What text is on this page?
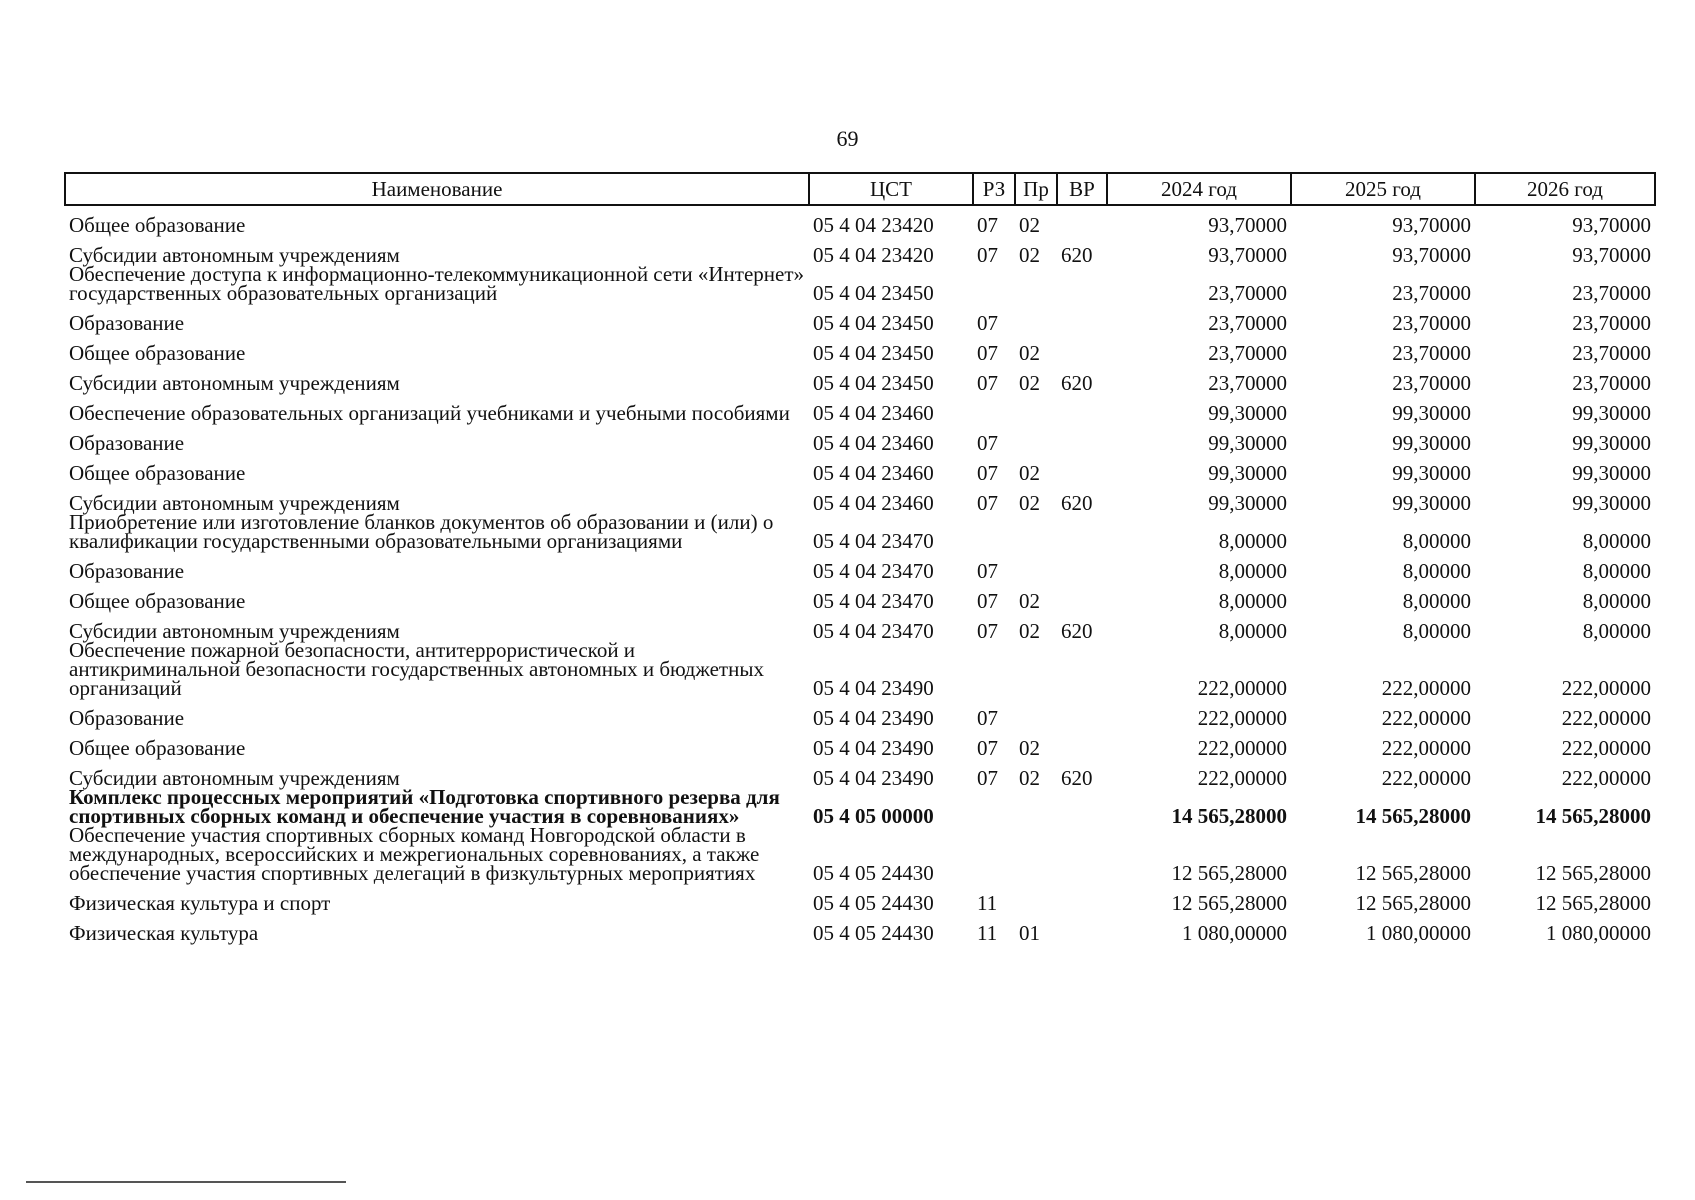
69
Наименование	ЦСТ	РЗ	Пр	ВР	2024 год	2025 год	2026 год
Общее образование	05 4 04 23420	07	02		93,70000	93,70000	93,70000
Субсидии автономным учреждениям	05 4 04 23420	07	02	620	93,70000	93,70000	93,70000
Обеспечение доступа к информационно-телекоммуникационной сети «Интернет» государственных образовательных организаций	05 4 04 23450				23,70000	23,70000	23,70000
Образование	05 4 04 23450	07			23,70000	23,70000	23,70000
Общее образование	05 4 04 23450	07	02		23,70000	23,70000	23,70000
Субсидии автономным учреждениям	05 4 04 23450	07	02	620	23,70000	23,70000	23,70000
Обеспечение образовательных организаций учебниками и учебными пособиями	05 4 04 23460				99,30000	99,30000	99,30000
Образование	05 4 04 23460	07			99,30000	99,30000	99,30000
Общее образование	05 4 04 23460	07	02		99,30000	99,30000	99,30000
Субсидии автономным учреждениям	05 4 04 23460	07	02	620	99,30000	99,30000	99,30000
Приобретение или изготовление бланков документов об образовании и (или) о квалификации государственными образовательными организациями	05 4 04 23470				8,00000	8,00000	8,00000
Образование	05 4 04 23470	07			8,00000	8,00000	8,00000
Общее образование	05 4 04 23470	07	02		8,00000	8,00000	8,00000
Субсидии автономным учреждениям	05 4 04 23470	07	02	620	8,00000	8,00000	8,00000
Обеспечение пожарной безопасности, антитеррористической и антикриминальной безопасности государственных автономных и бюджетных организаций	05 4 04 23490				222,00000	222,00000	222,00000
Образование	05 4 04 23490	07			222,00000	222,00000	222,00000
Общее образование	05 4 04 23490	07	02		222,00000	222,00000	222,00000
Субсидии автономным учреждениям	05 4 04 23490	07	02	620	222,00000	222,00000	222,00000
Комплекс процессных мероприятий «Подготовка спортивного резерва для спортивных сборных команд и обеспечение участия в соревнованиях»	05 4 05 00000				14 565,28000	14 565,28000	14 565,28000
Обеспечение участия спортивных сборных команд Новгородской области в международных, всероссийских и межрегиональных соревнованиях, а также обеспечение участия спортивных делегаций в физкультурных мероприятиях	05 4 05 24430				12 565,28000	12 565,28000	12 565,28000
Физическая культура и спорт	05 4 05 24430	11			12 565,28000	12 565,28000	12 565,28000
Физическая культура	05 4 05 24430	11	01		1 080,00000	1 080,00000	1 080,00000
